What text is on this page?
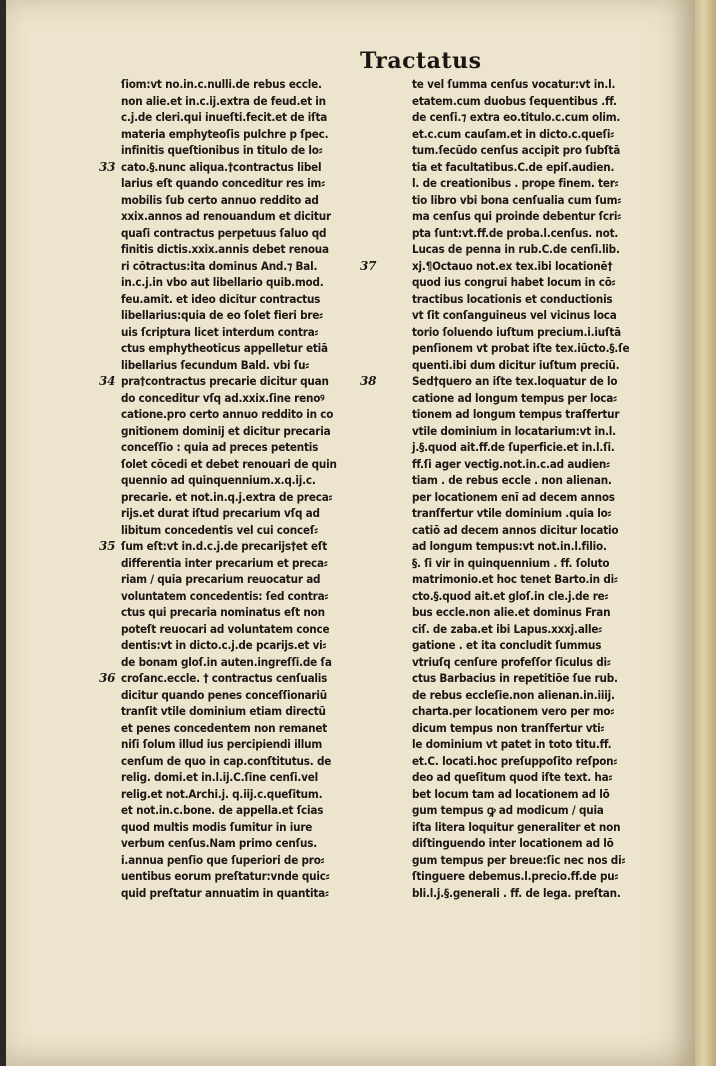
Tractatus
ſiom:vt no.in.c.nulli.de rebus eccle.
non alie.et in.c.ij.extra de feud.et in
c.j.de cleri.qui inueſti.fecit.et de iſta
materia emphyteoſis pulchre p ſpec.
infinitis queſtionibus in titulo de lo⸗
33 cato.§.nunc aliqua.†contractus libel
larius eſt quando conceditur res im⸗
mobilis ſub certo annuo reddito ad
xxix.annos ad renouandum et dicitur
quaſi contractus perpetuus ſaluo qd
finitis dictis.xxix.annis debet renoua
ri cōtractus:ita dominus And.⁊ Bal.
in.c.j.in vbo aut libellario quib.mod.
feu.amit. et ideo dicitur contractus
libellarius:quia de eo ſolet fieri bre⸗
uis ſcriptura licet interdum contra⸗
ctus emphytheoticus appelletur etiā
libellarius ſecundum Bald. vbi ſu⸗
34 pra†contractus precarie dicitur quan
do conceditur vſq ad.xxix.ſine renoꝰ
catione.pro certo annuo reddito in co
gnitionem dominij et dicitur precaria
conceſſio : quia ad preces petentis
ſolet cōcedi et debet renouari de quin
quennio ad quinquennium.x.q.ij.c.
precarie. et not.in.q.j.extra de preca⸗
rijs.et durat iſtud precarium vſq ad
libitum concedentis vel cui conceſ⸗
35 ſum eſt:vt in.d.c.j.de precarijs†et eſt
differentia inter precarium et preca⸗
riam / quia precarium reuocatur ad
voluntatem concedentis: ſed contra⸗
ctus qui precaria nominatus eſt non
poteſt reuocari ad voluntatem conce
dentis:vt in dicto.c.j.de pcarijs.et vi⸗
de bonam gloſ.in auten.ingreſſi.de ſa
36 croſanc.eccle. † contractus cenſualis
dicitur quando penes conceſſionariū
tranſit vtile dominium etiam directū
et penes concedentem non remanet
niſi ſolum illud ius percipiendi illum
cenſum de quo in cap.conſtitutus. de
relig. domi.et in.l.ij.C.ſine cenſi.vel
relig.et not.Archi.j. q.iij.c.queſitum.
et not.in.c.bone. de appella.et ſcias
quod multis modis ſumitur in iure
verbum cenſus.Nam primo cenſus.
i.annua penſio que ſuperiori de pro⸗
uentibus eorum preſtatur:vnde quic⸗
quid preſtatur annuatim in quantita⸗
te vel ſumma cenſus vocatur:vt in.l.
etatem.cum duobus ſequentibus .ff.
de cenſi.⁊ extra eo.titulo.c.cum olim.
et.c.cum cauſam.et in dicto.c.queſi⸗
tum.ſecūdo cenſus accipit pro ſubſtā
tia et facultatibus.C.de epiſ.audien.
l. de creationibus . prope finem. ter⸗
tio libro vbi bona cenſualia cum ſum⸗
ma cenſus qui proinde debentur ſcri⸗
pta ſunt:vt.ff.de proba.l.cenſus. not.
Lucas de penna in rub.C.de cenſi.lib.
37	xj.¶Octauo not.ex tex.ibi locationē†
quod ius congrui habet locum in cō⸗
tractibus locationis et conductionis
vt ſit conſanguineus vel vicinus loca
torio ſoluendo iuſtum precium.i.iuſtā
penſionem vt probat iſte tex.iūcto.§.ſe
quenti.ibi dum dicitur iuſtum preciū.
38	Sed†quero an iſte tex.loquatur de lo
catione ad longum tempus per loca⸗
tionem ad longum tempus traſfertur
vtile dominium in locatarium:vt in.l.
j.§.quod ait.ff.de ſuperficie.et in.l.ſi.
ff.ſi ager vectig.not.in.c.ad audien⸗
tiam . de rebus eccle . non alienan.
per locationem enī ad decem annos
tranſfertur vtile dominium .quia lo⸗
catiō ad decem annos dicitur locatio
ad longum tempus:vt not.in.l.filio.
§. ſi vir in quinquennium . ff. ſoluto
matrimonio.et hoc tenet Barto.in di⸗
cto.§.quod ait.et gloſ.in cle.j.de re⸗
bus eccle.non alie.et dominus Fran
ciſ. de zaba.et ibi Lapus.xxxj.alle⸗
gatione . et ita concludit ſummus
vtriuſq cenſure profeſſor ſiculus di⸗
ctus Barbacius in repetitiōe ſue rub.
de rebus eccleſie.non alienan.in.iiij.
charta.per locationem vero per mo⸗
dicum tempus non tranſfertur vti⸗
le dominium vt patet in toto titu.ff.
et.C. locati.hoc preſuppoſito reſpon⸗
deo ad queſitum quod iſte text. ha⸗
bet locum tam ad locationem ad lō
gum tempus ꝙ ad modicum / quia
iſta litera loquitur generaliter et non
diſtinguendo inter locationem ad lō
gum tempus per breue:ſic nec nos di⸗
ſtinguere debemus.l.precio.ff.de pu⸗
bli.l.j.§.generali . ff. de lega. preſtan.
